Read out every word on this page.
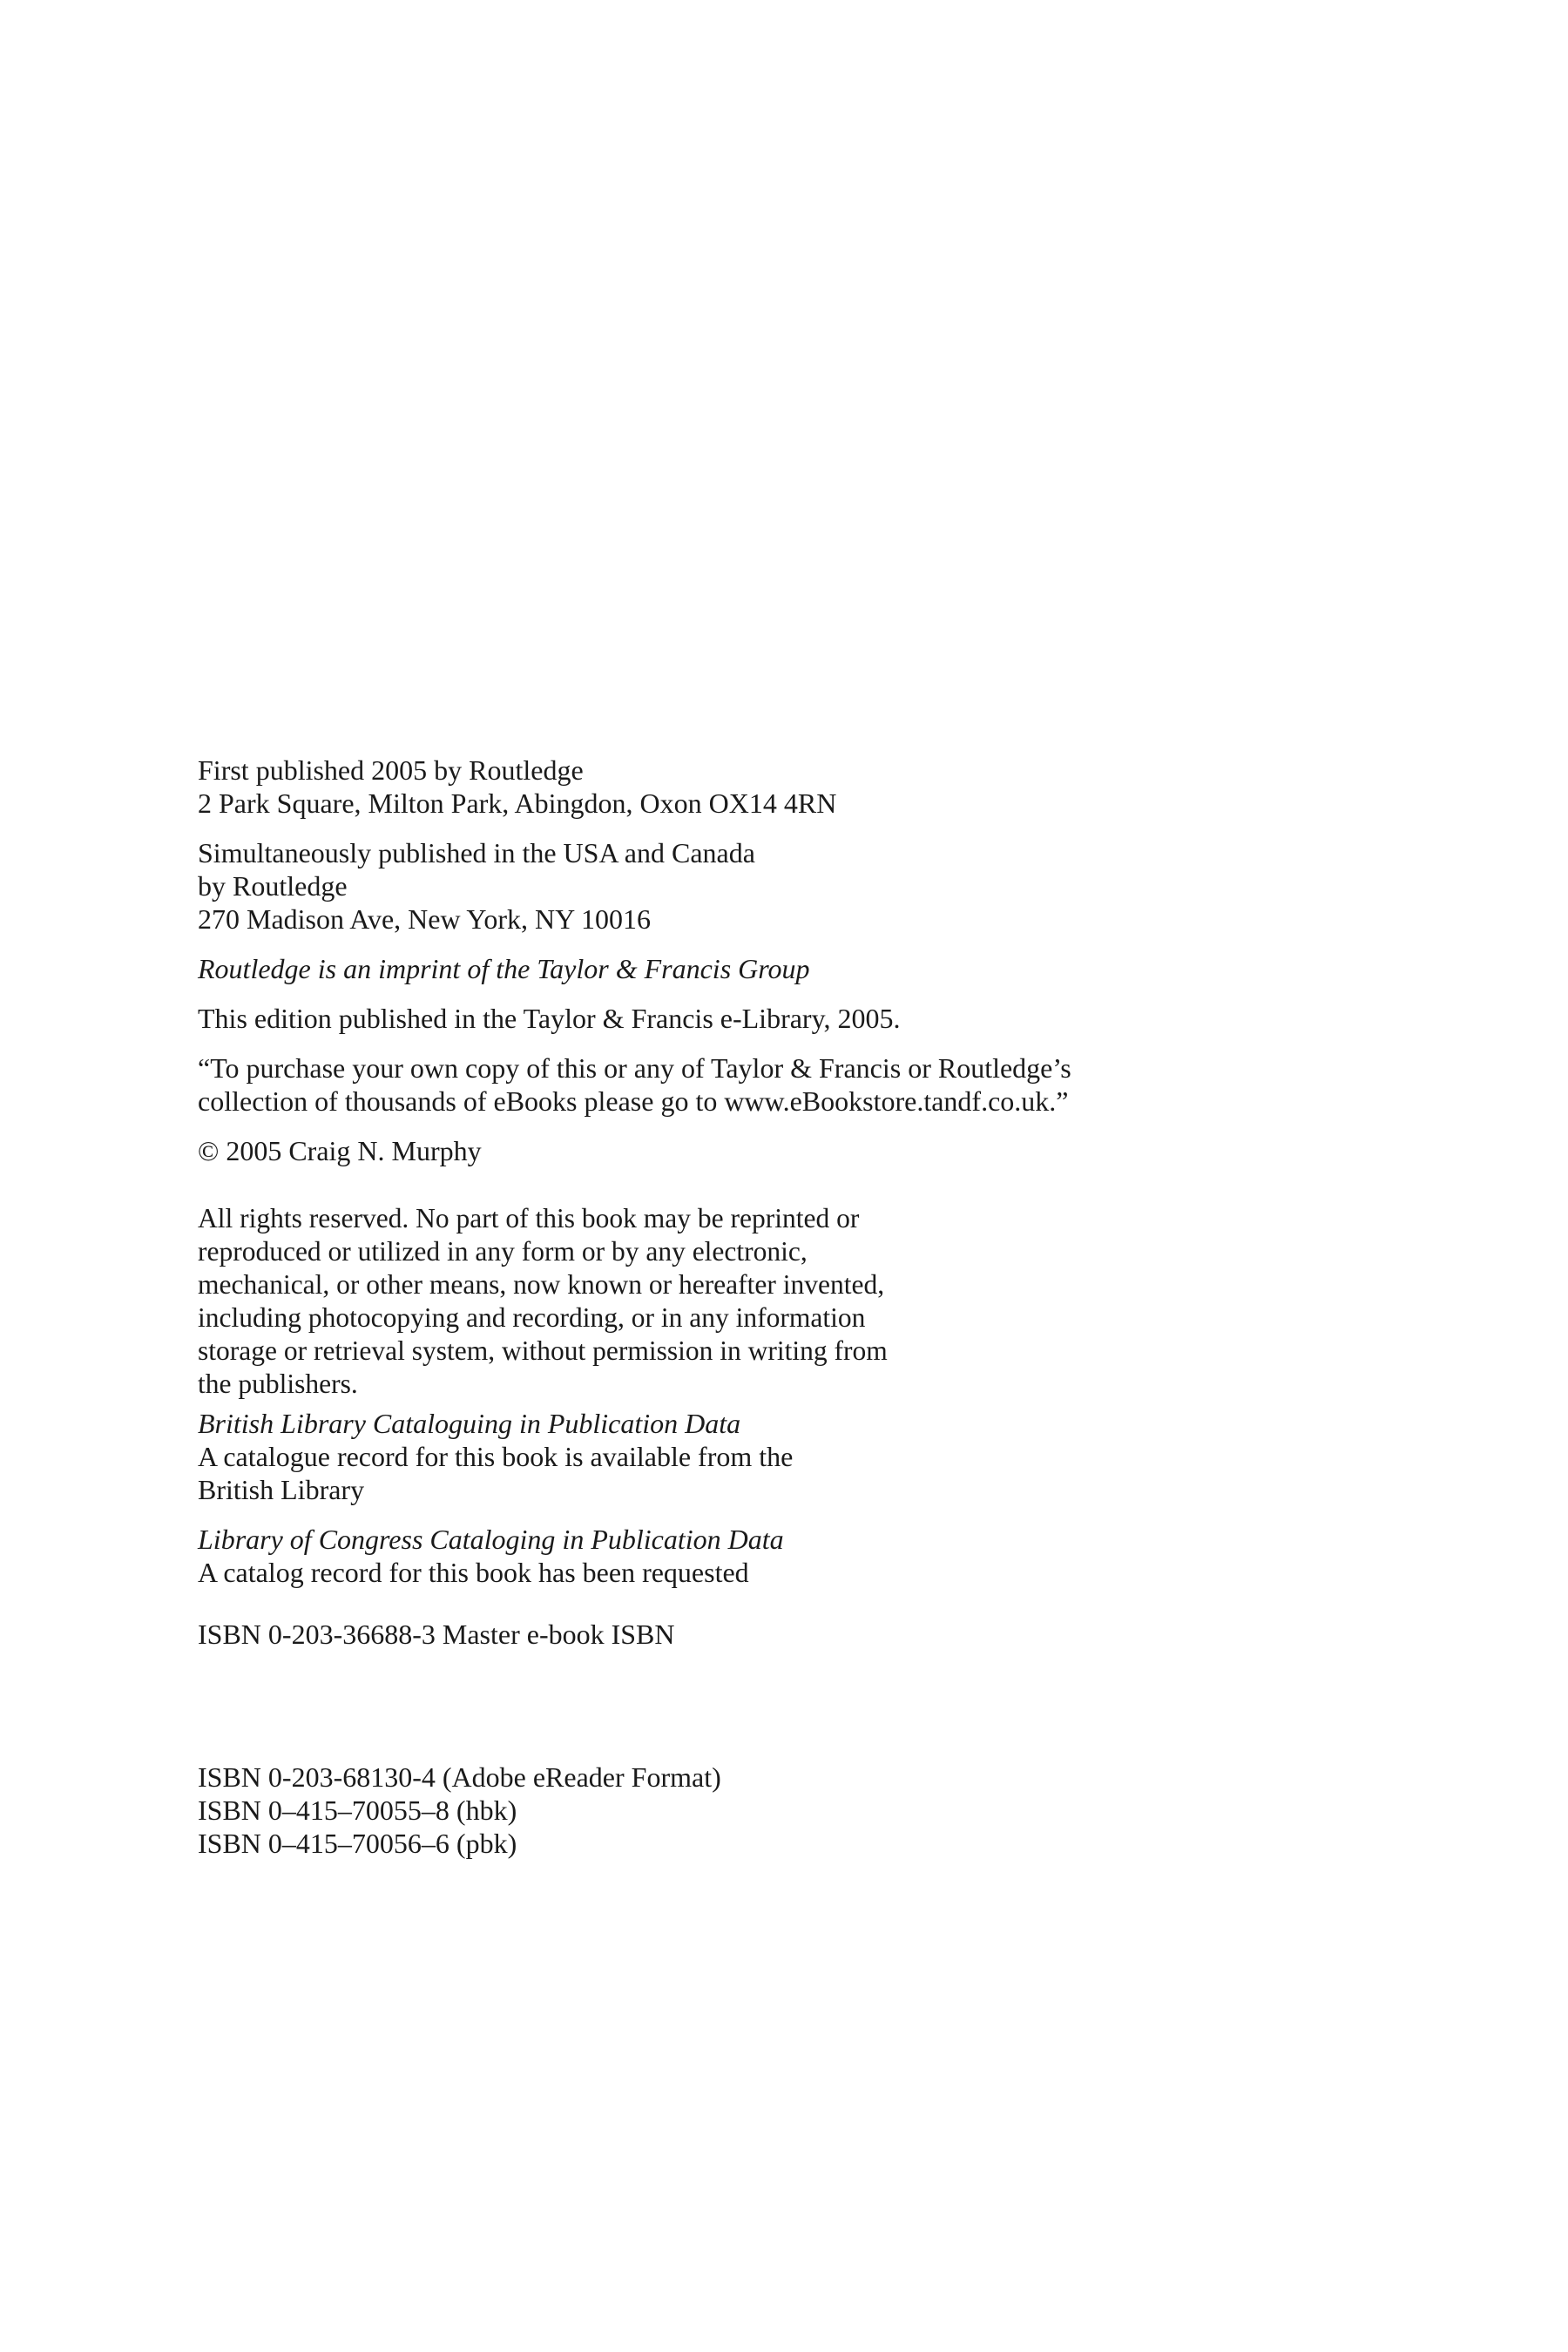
First published 2005 by Routledge
2 Park Square, Milton Park, Abingdon, Oxon OX14 4RN
Simultaneously published in the USA and Canada
by Routledge
270 Madison Ave, New York, NY 10016
Routledge is an imprint of the Taylor & Francis Group
This edition published in the Taylor & Francis e-Library, 2005.
“To purchase your own copy of this or any of Taylor & Francis or Routledge’s
collection of thousands of eBooks please go to www.eBookstore.tandf.co.uk.”
© 2005 Craig N. Murphy
All rights reserved. No part of this book may be reprinted or
reproduced or utilized in any form or by any electronic,
mechanical, or other means, now known or hereafter invented,
including photocopying and recording, or in any information
storage or retrieval system, without permission in writing from
the publishers.
British Library Cataloguing in Publication Data
A catalogue record for this book is available from the
British Library
Library of Congress Cataloging in Publication Data
A catalog record for this book has been requested
ISBN 0-203-36688-3 Master e-book ISBN
ISBN 0-203-68130-4 (Adobe eReader Format)
ISBN 0–415–70055–8 (hbk)
ISBN 0–415–70056–6 (pbk)
